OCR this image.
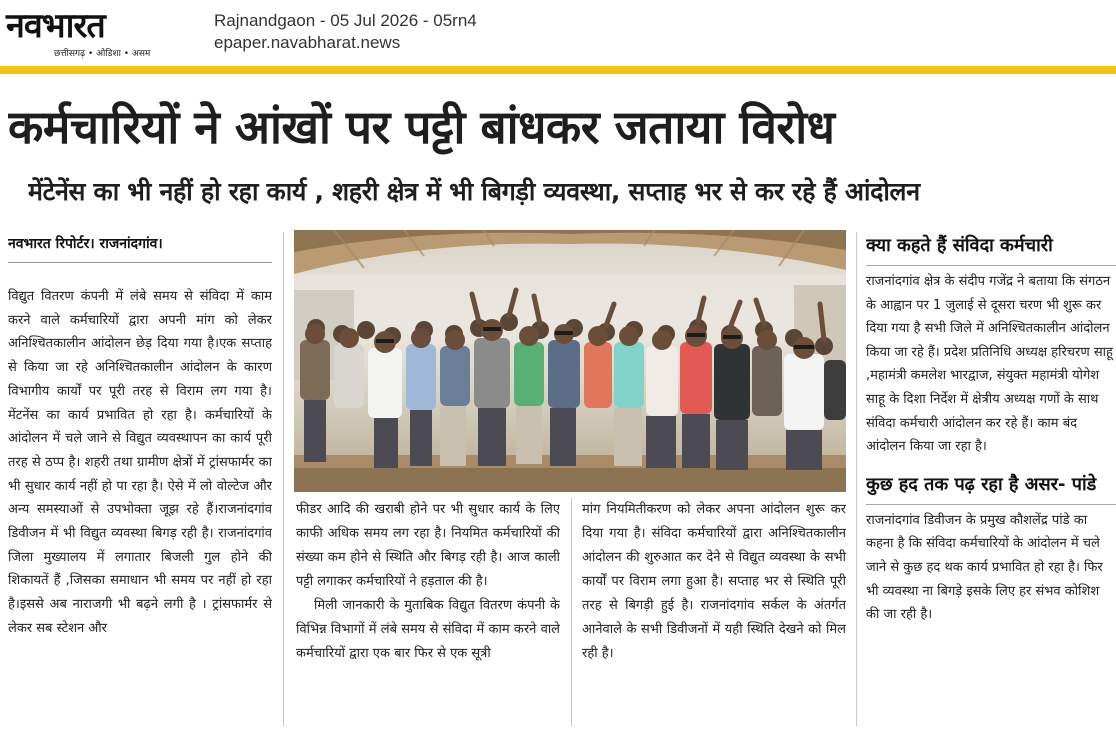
नवभारत
छत्तीसगढ़ • ओडिशा • असम
Rajnandgaon - 05 Jul 2026 - 05rn4
epaper.navabharat.news
कर्मचारियों ने आंखों पर पट्टी बांधकर जताया विरोध
मेंटेनेंस का भी नहीं हो रहा कार्य , शहरी क्षेत्र में भी बिगड़ी व्यवस्था, सप्ताह भर से कर रहे हैं आंदोलन
नवभारत रिपोर्टर। राजनांदगांव।

विद्युत वितरण कंपनी में लंबे समय से संविदा में काम करने वाले कर्मचारियों द्वारा अपनी मांग को लेकर अनिश्चितकालीन आंदोलन छेड़ दिया गया है।एक सप्ताह से किया जा रहे अनिश्चितकालीन आंदोलन के कारण विभागीय कार्यों पर पूरी तरह से विराम लग गया है। मेंटनेंस का कार्य प्रभावित हो रहा है। कर्मचारियों के आंदोलन में चले जाने से विद्युत व्यवस्थापन का कार्य पूरी तरह से ठप्प है। शहरी तथा ग्रामीण क्षेत्रों में ट्रांसफार्मर का भी सुधार कार्य नहीं हो पा रहा है। ऐसे में लो वोल्टेज और अन्य समस्याओं से उपभोक्ता जूझ रहे हैं।राजनांदगांव डिवीजन में भी विद्युत व्यवस्था बिगड़ रही है। राजनांदगांव जिला मुख्यालय में लगातार बिजली गुल होने की शिकायतें हैं ,जिसका समाधान भी समय पर नहीं हो रहा है।इससे अब नाराजगी भी बढ़ने लगी है । ट्रांसफार्मर से लेकर सब स्टेशन और

फीडर आदि की खराबी होने पर भी सुधार कार्य के लिए काफी अधिक समय लग रहा है। नियमित कर्मचारियों की संख्या कम होने से स्थिति और बिगड़ रही है। आज काली पट्टी लगाकर कर्मचारियों ने हड़ताल की है।

मिली जानकारी के मुताबिक विद्युत वितरण कंपनी के विभिन्न विभागों में लंबे समय से संविदा में काम करने वाले कर्मचारियों द्वारा एक बार फिर से एक सूत्री

मांग नियमितीकरण को लेकर अपना आंदोलन शुरू कर दिया गया है। संविदा कर्मचारियों द्वारा अनिश्चितकालीन आंदोलन की शुरुआत कर देने से विद्युत व्यवस्था के सभी कार्यों पर विराम लगा हुआ है। सप्ताह भर से स्थिति पूरी तरह से बिगड़ी हुई है। राजनांदगांव सर्कल के अंतर्गत आनेवाले के सभी डिवीजनों में यही स्थिति देखने को मिल रही है।

क्या कहते हैं संविदा कर्मचारी

राजनांदगांव क्षेत्र के संदीप गजेंद्र ने बताया कि संगठन के आह्वान पर 1 जुलाई से दूसरा चरण भी शुरू कर दिया गया है सभी जिले में अनिश्चितकालीन आंदोलन किया जा रहे हैं। प्रदेश प्रतिनिधि अध्यक्ष हरिचरण साहू ,महामंत्री कमलेश भारद्वाज, संयुक्त महामंत्री योगेश साहू के दिशा निर्देश में क्षेत्रीय अध्यक्ष गणों के साथ संविदा कर्मचारी आंदोलन कर रहे हैं। काम बंद आंदोलन किया जा रहा है।

कुछ हद तक पढ़ रहा है असर- पांडे

राजनांदगांव डिवीजन के प्रमुख कौशलेंद्र पांडे का कहना है कि संविदा कर्मचारियों के आंदोलन में चले जाने से कुछ हद थक कार्य प्रभावित हो रहा है। फिर भी व्यवस्था ना बिगड़े इसके लिए हर संभव कोशिश की जा रही है।
